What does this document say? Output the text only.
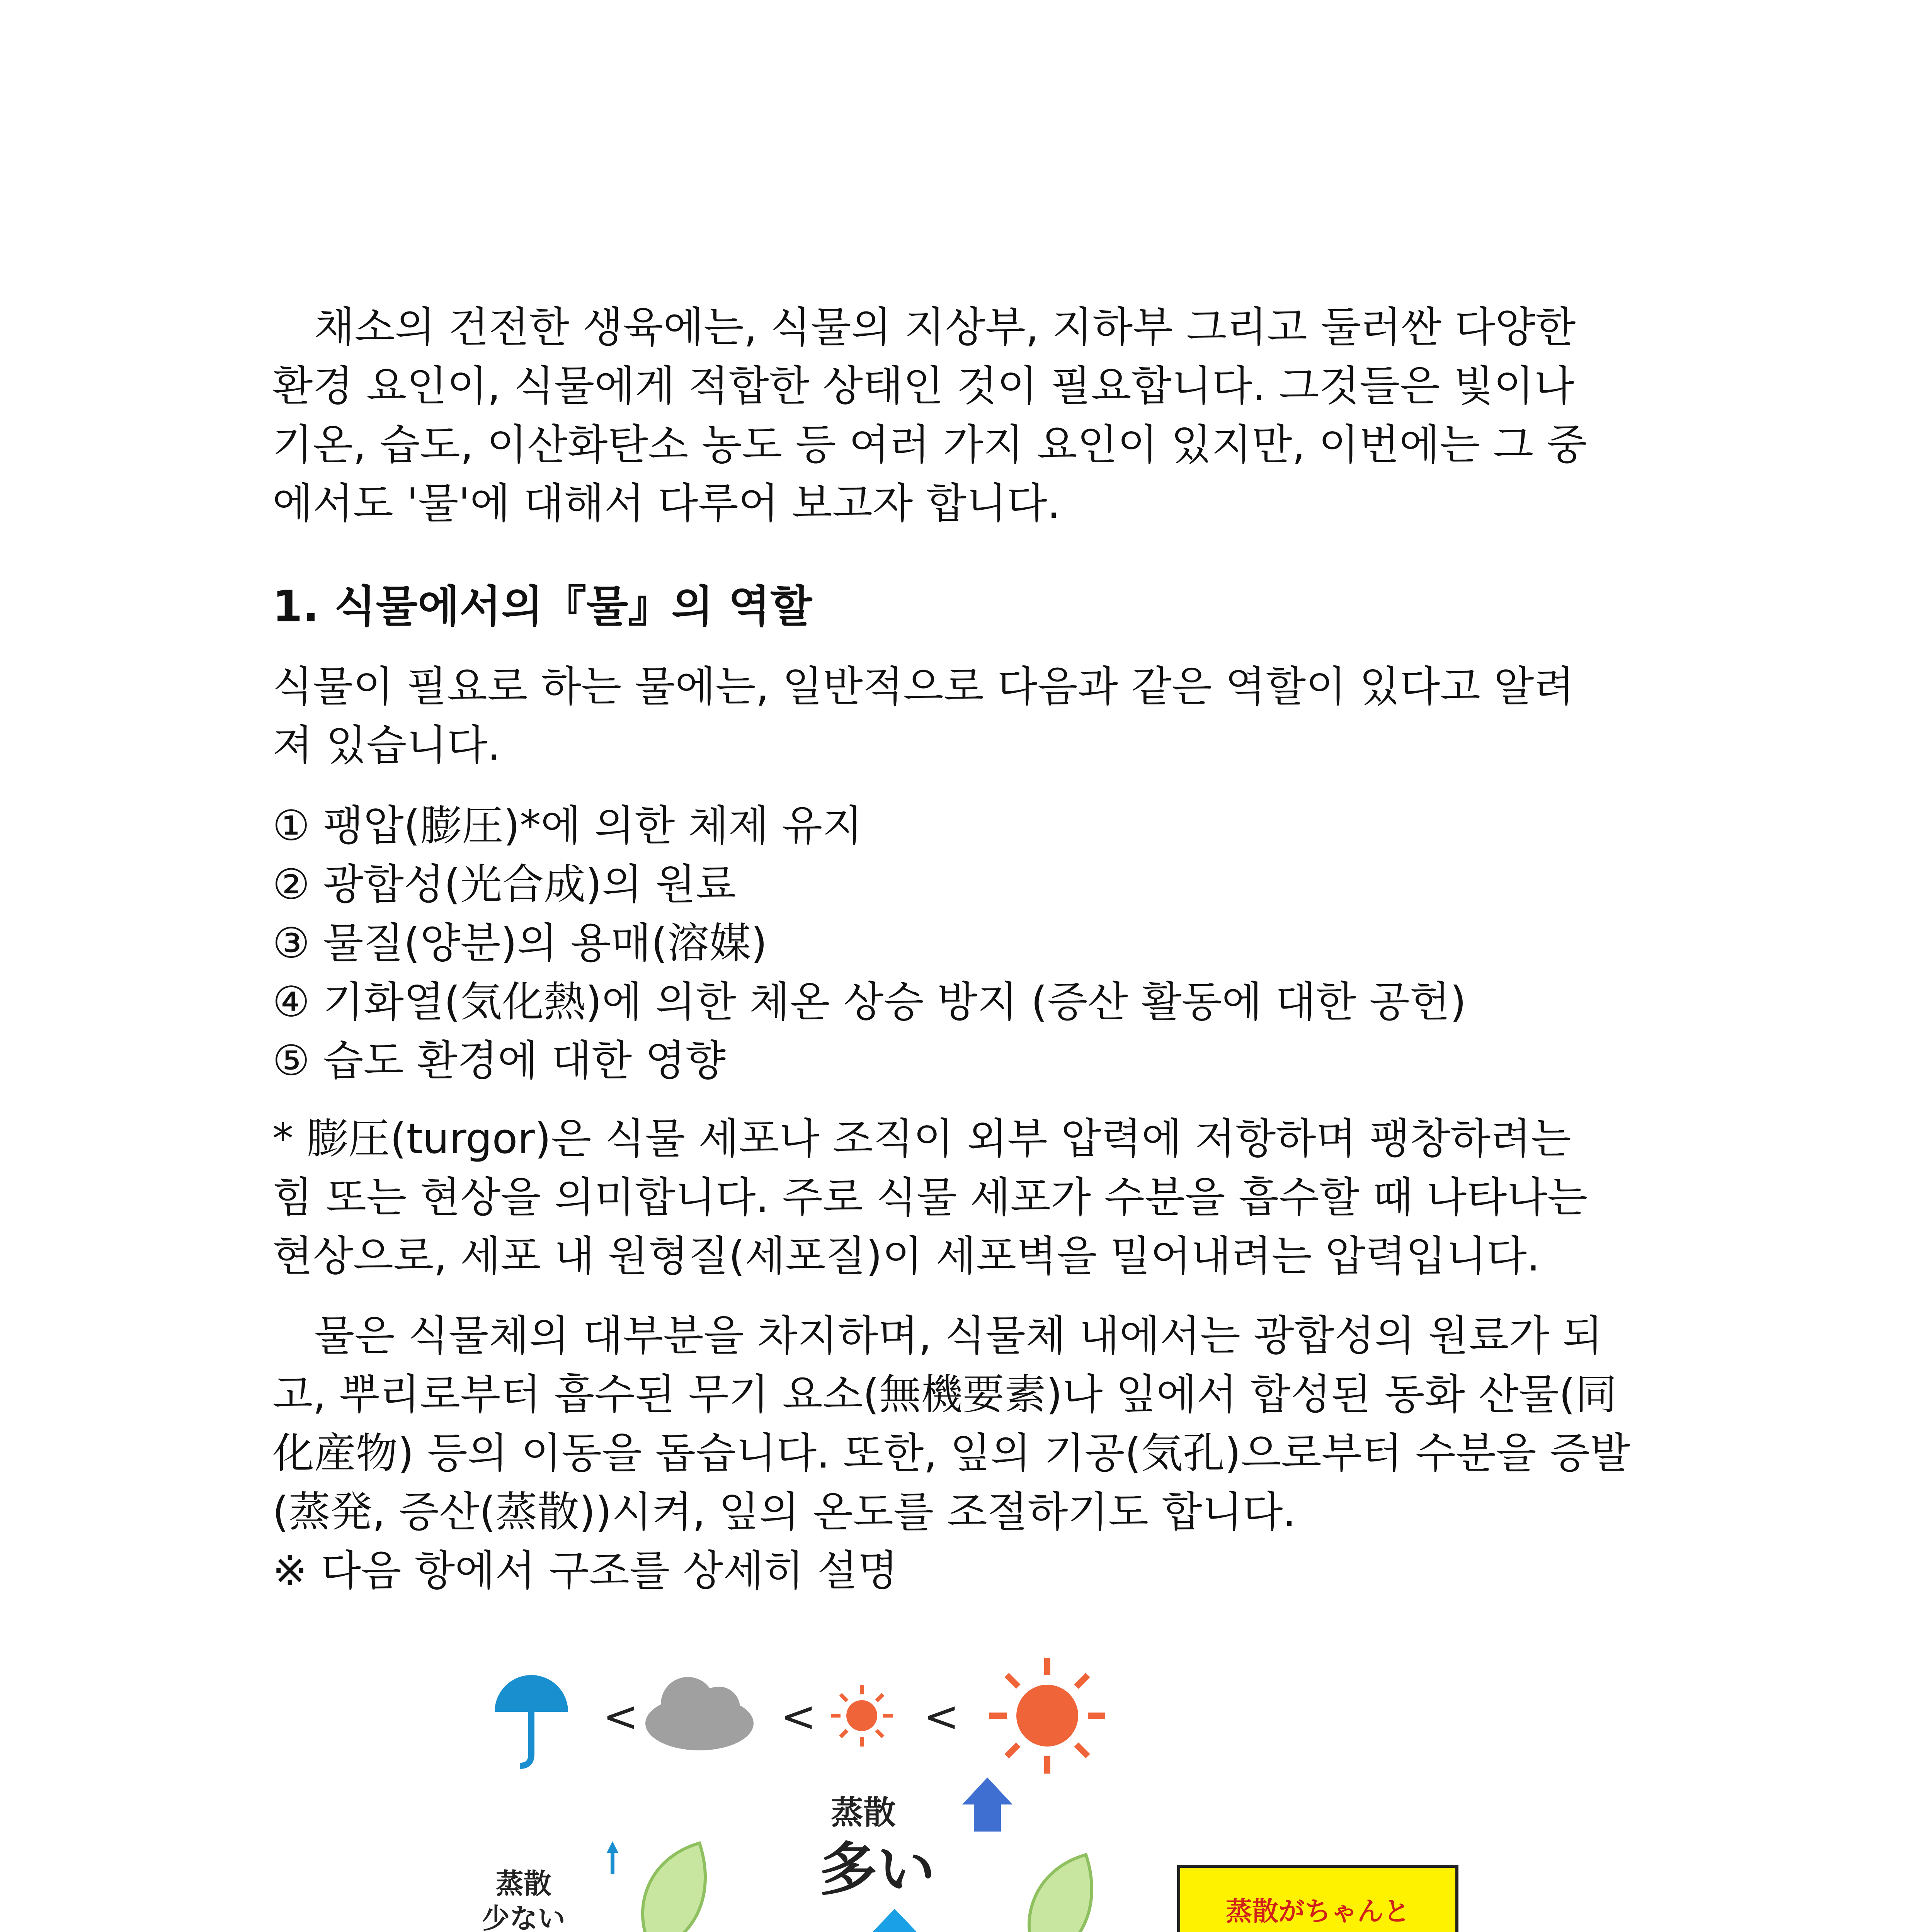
　채소의 건전한 생육에는, 식물의 지상부, 지하부 그리고 둘러싼 다양한
환경 요인이, 식물에게 적합한 상태인 것이 필요합니다. 그것들은 빛이나
기온, 습도, 이산화탄소 농도 등 여러 가지 요인이 있지만, 이번에는 그 중
에서도 '물'에 대해서 다루어 보고자 합니다.
1. 식물에서의『물』의 역할
식물이 필요로 하는 물에는, 일반적으로 다음과 같은 역할이 있다고 알려
져 있습니다.
① 팽압(膨圧)*에 의한 체제 유지
② 광합성(光合成)의 원료
③ 물질(양분)의 용매(溶媒)
④ 기화열(気化熱)에 의한 체온 상승 방지 (증산 활동에 대한 공헌)
⑤ 습도 환경에 대한 영향
* 膨圧(turgor)은 식물 세포나 조직이 외부 압력에 저항하며 팽창하려는
힘 또는 현상을 의미합니다. 주로 식물 세포가 수분을 흡수할 때 나타나는
현상으로, 세포 내 원형질(세포질)이 세포벽을 밀어내려는 압력입니다.
　물은 식물체의 대부분을 차지하며, 식물체 내에서는 광합성의 원료가 되
고, 뿌리로부터 흡수된 무기 요소(無機要素)나 잎에서 합성된 동화 산물(同
化産物) 등의 이동을 돕습니다. 또한, 잎의 기공(気孔)으로부터 수분을 증발
(蒸発, 증산(蒸散))시켜, 잎의 온도를 조절하기도 합니다.
※ 다음 항에서 구조를 상세히 설명
<	<	<
蒸散
少ない
蒸散
多い
蒸散がちゃんと
